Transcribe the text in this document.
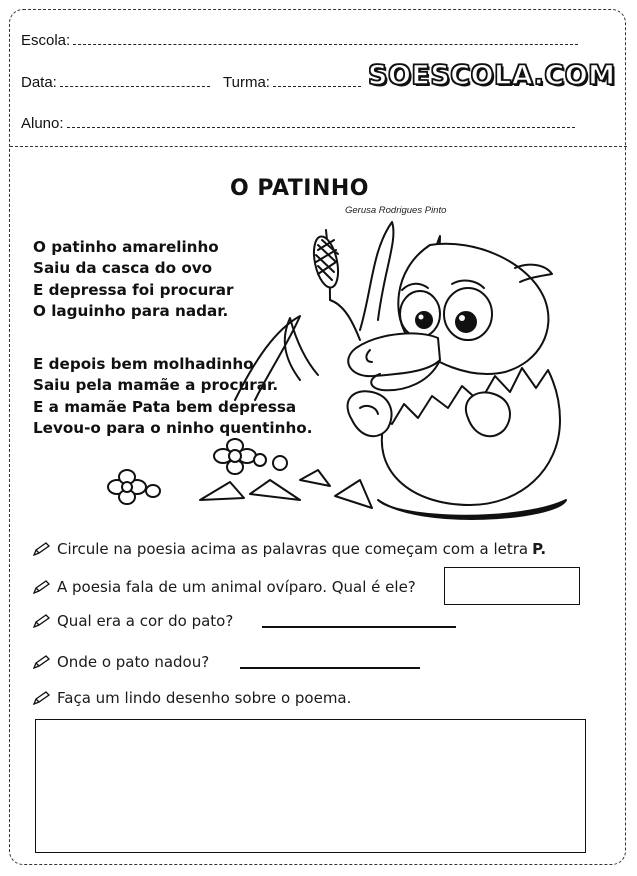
Escola:
Data:	Turma:	SOESCOLA.COM
Aluno:
O PATINHO
Gerusa Rodrigues Pinto
O patinho amarelinho
Saiu da casca do ovo
E depressa foi procurar
O laguinho para nadar.
E depois bem molhadinho
Saiu pela mamãe a procurar.
E a mamãe Pata bem depressa
Levou-o para o ninho quentinho.
Circule na poesia acima as palavras que começam com a letra P.
A poesia fala de um animal ovíparo. Qual é ele?
Qual era a cor do pato?
Onde o pato nadou?
Faça um lindo desenho sobre o poema.
